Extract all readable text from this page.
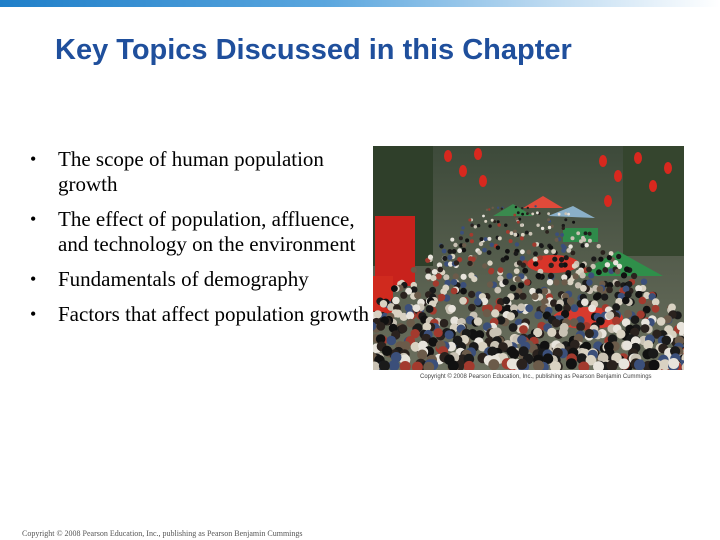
Key Topics Discussed in this Chapter
•	The scope of human population growth
•	The effect of population, affluence, and technology on the environment
•	Fundamentals of demography
•	Factors that affect population growth
Copyright © 2008 Pearson Education, Inc., publishing as Pearson Benjamin Cummings
Copyright © 2008 Pearson Education, Inc., publishing as Pearson Benjamin Cummings
